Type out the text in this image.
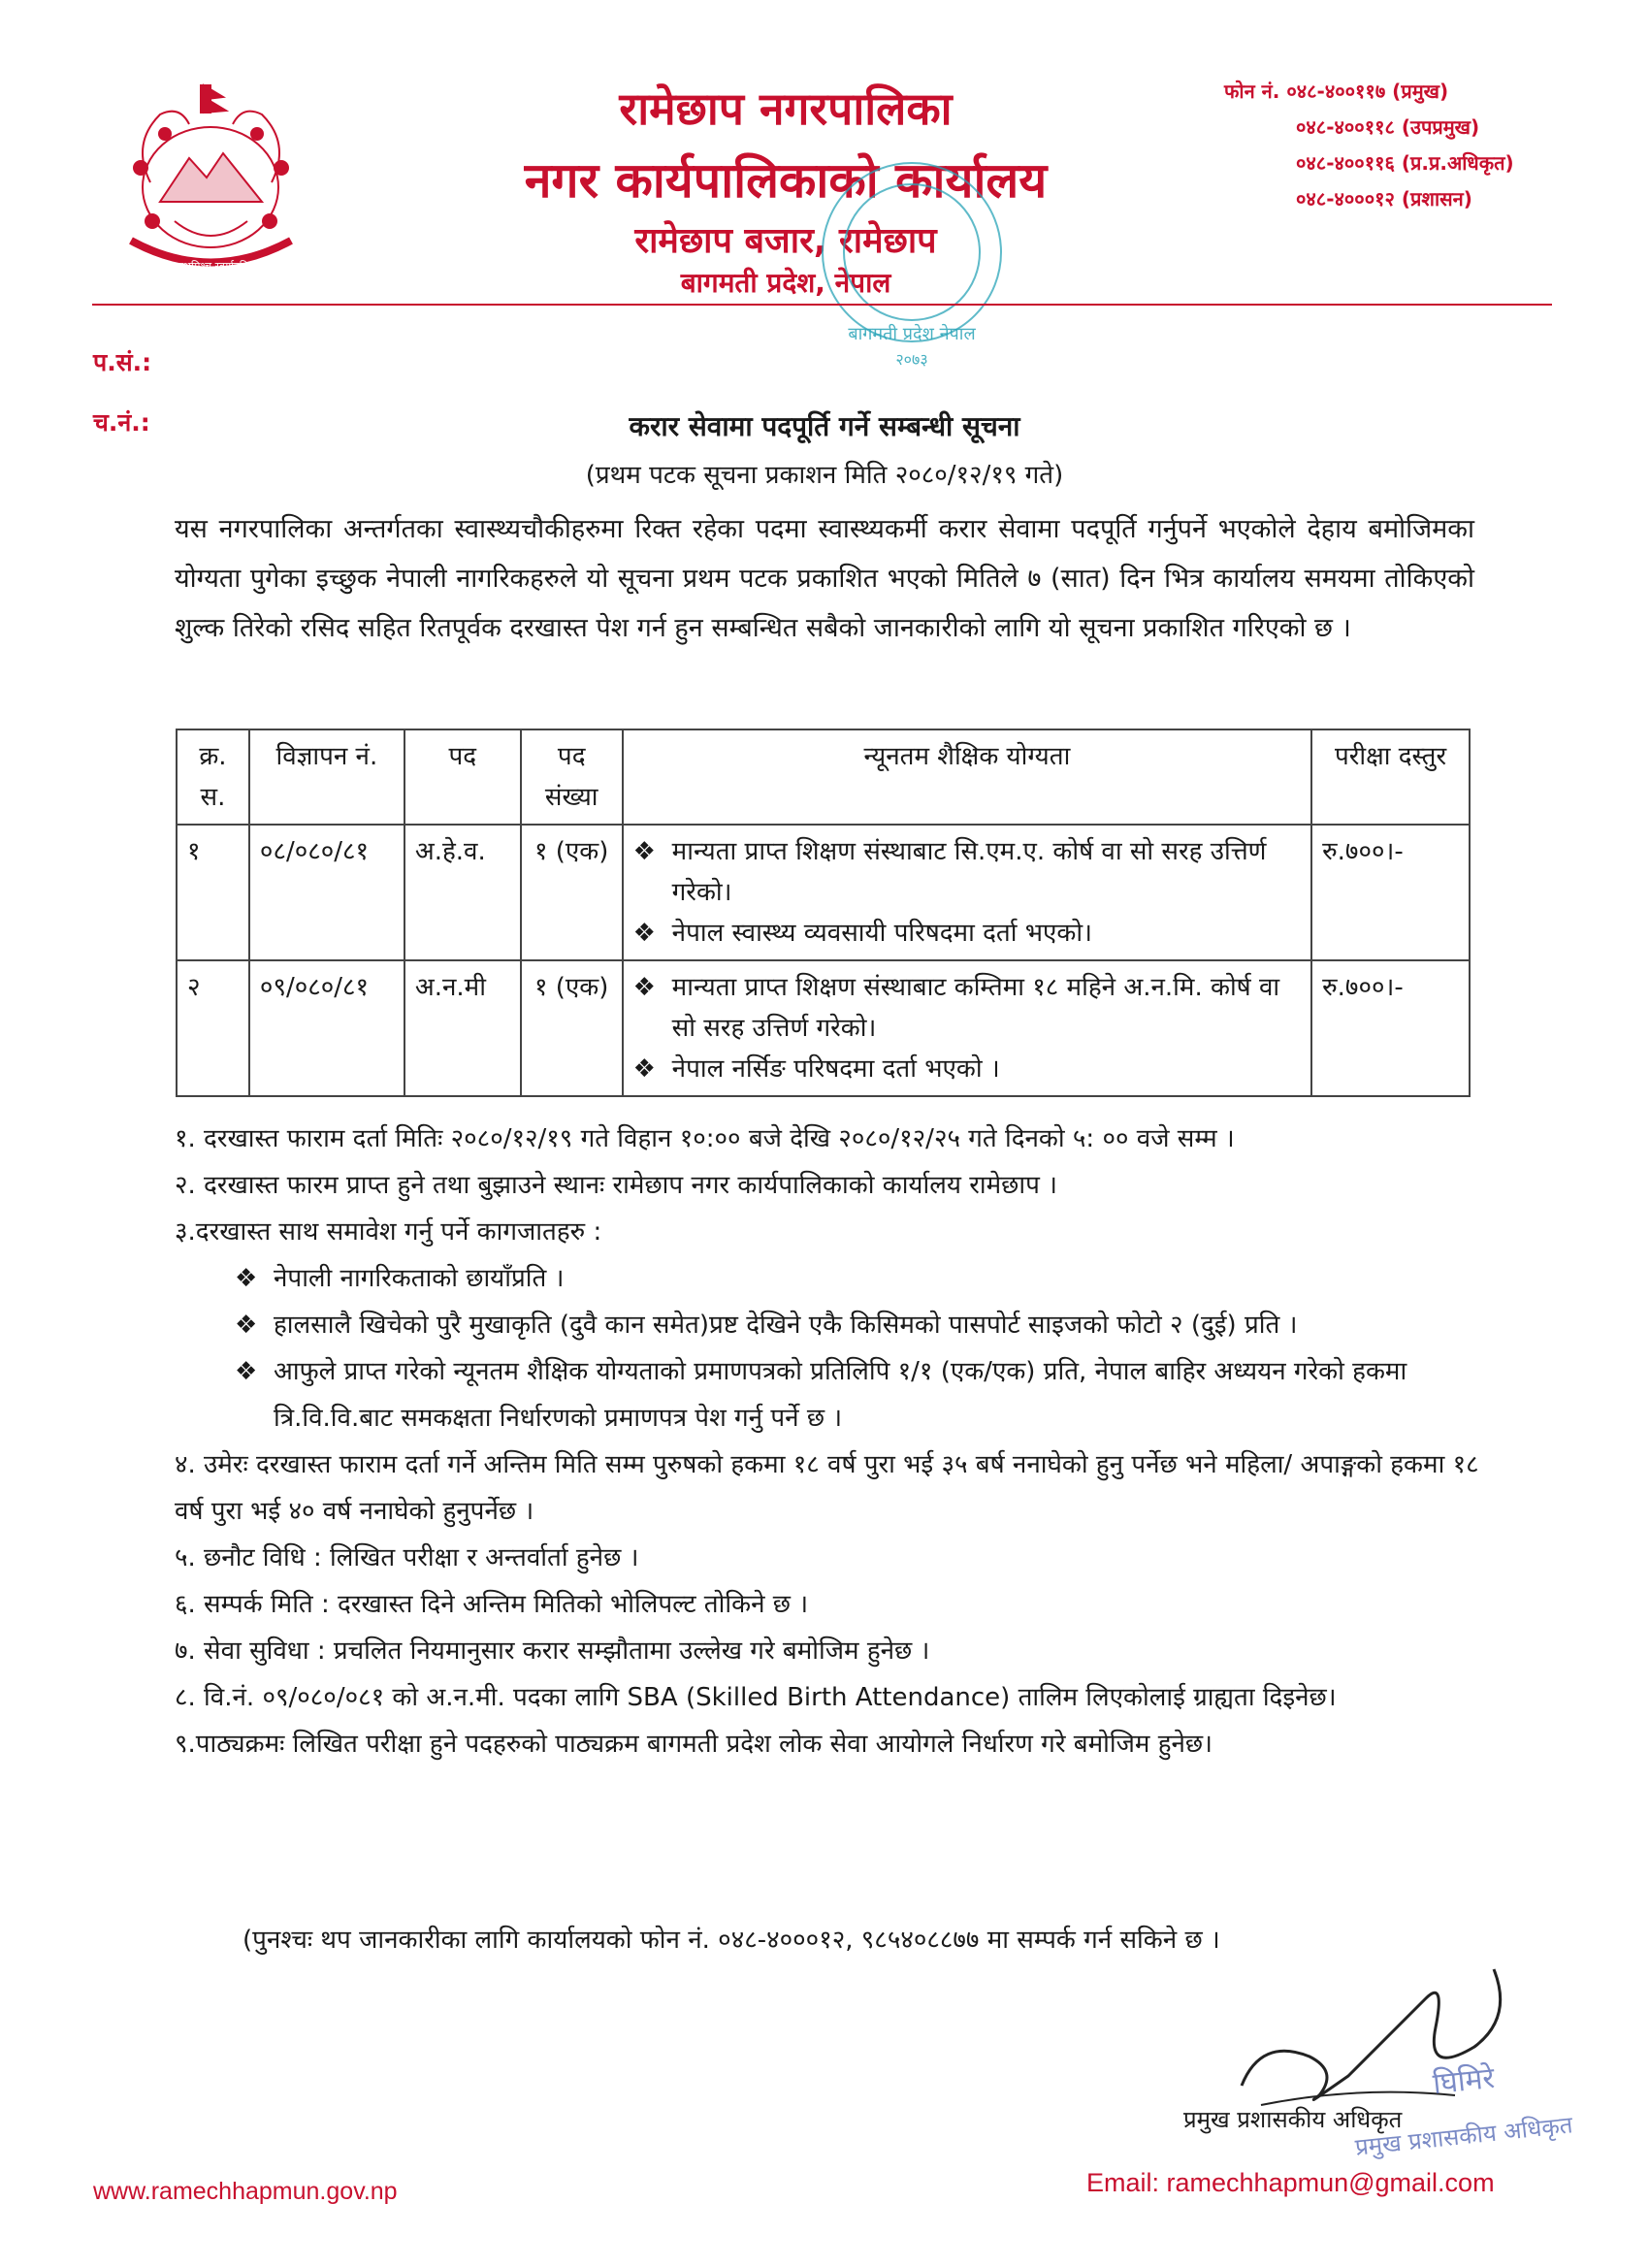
जननी जन्मभूमिश्च स्वर्गादपि गरीयसी
रामेछाप नगरपालिका
नगर कार्यपालिकाको कार्यालय
रामेछाप बजार, रामेछाप
बागमती प्रदेश, नेपाल
फोन नं. ०४८-४००११७ (प्रमुख)
०४८-४००११८ (उपप्रमुख)
०४८-४००११६ (प्र.प्र.अधिकृत)
०४८-४०००१२ (प्रशासन)
बागमती प्रदेश नेपाल
२०७३
प.सं.:
च.नं.:	करार सेवामा पदपूर्ति गर्ने सम्बन्धी सूचना
(प्रथम पटक सूचना प्रकाशन मिति २०८०/१२/१९ गते)
यस नगरपालिका अन्तर्गतका स्वास्थ्यचौकीहरुमा रिक्त रहेका पदमा स्वास्थ्यकर्मी करार सेवामा पदपूर्ति गर्नुपर्ने भएकोले देहाय बमोजिमका योग्यता पुगेका इच्छुक नेपाली नागरिकहरुले यो सूचना प्रथम पटक प्रकाशित भएको मितिले ७ (सात) दिन भित्र कार्यालय समयमा तोकिएको शुल्क तिरेको रसिद सहित रितपूर्वक दरखास्त पेश गर्न हुन सम्बन्धित सबैको जानकारीको लागि यो सूचना प्रकाशित गरिएको छ ।
क्र. स.	विज्ञापन नं.	पद	पद संख्या	न्यूनतम शैक्षिक योग्यता	परीक्षा दस्तुर
१	०८/०८०/८१	अ.हे.व.	१ (एक)	❖ मान्यता प्राप्त शिक्षण संस्थाबाट सि.एम.ए. कोर्ष वा सो सरह उत्तिर्ण गरेको।
❖ नेपाल स्वास्थ्य व्यवसायी परिषदमा दर्ता भएको।	रु.७००।-
२	०९/०८०/८१	अ.न.मी	१ (एक)	❖ मान्यता प्राप्त शिक्षण संस्थाबाट कम्तिमा १८ महिने अ.न.मि. कोर्ष वा सो सरह उत्तिर्ण गरेको।
❖ नेपाल नर्सिङ परिषदमा दर्ता भएको ।	रु.७००।-

१. दरखास्त फाराम दर्ता मितिः २०८०/१२/१९ गते विहान १०:०० बजे देखि २०८०/१२/२५ गते दिनको ५: ०० वजे सम्म ।

२. दरखास्त फारम प्राप्त हुने तथा बुझाउने स्थानः रामेछाप नगर कार्यपालिकाको कार्यालय रामेछाप ।

३.दरखास्त साथ समावेश गर्नु पर्ने कागजातहरु :

❖ नेपाली नागरिकताको छायाँप्रति ।
❖ हालसालै खिचेको पुरै मुखाकृति (दुवै कान समेत)प्रष्ट देखिने एकै किसिमको पासपोर्ट साइजको फोटो २ (दुई) प्रति ।
❖ आफुले प्राप्त गरेको न्यूनतम शैक्षिक योग्यताको प्रमाणपत्रको प्रतिलिपि १/१ (एक/एक) प्रति, नेपाल बाहिर अध्ययन गरेको हकमा त्रि.वि.वि.बाट समकक्षता निर्धारणको प्रमाणपत्र पेश गर्नु पर्ने छ ।

४. उमेरः दरखास्त फाराम दर्ता गर्ने अन्तिम मिति सम्म पुरुषको हकमा १८ वर्ष पुरा भई ३५ बर्ष ननाघेको हुनु पर्नेछ भने महिला/ अपाङ्गको हकमा १८ वर्ष पुरा भई ४० वर्ष ननाघेको हुनुपर्नेछ ।

५. छनौट विधि : लिखित परीक्षा र अन्तर्वार्ता हुनेछ ।

६. सम्पर्क मिति : दरखास्त दिने अन्तिम मितिको भोलिपल्ट तोकिने छ ।

७. सेवा सुविधा : प्रचलित नियमानुसार करार सम्झौतामा उल्लेख गरे बमोजिम हुनेछ ।

८. वि.नं. ०९/०८०/०८१ को अ.न.मी. पदका लागि SBA (Skilled Birth Attendance) तालिम लिएकोलाई ग्राह्यता दिइनेछ।

९.पाठ्यक्रमः लिखित परीक्षा हुने पदहरुको पाठ्यक्रम बागमती प्रदेश लोक सेवा आयोगले निर्धारण गरे बमोजिम हुनेछ।

(पुनश्चः थप जानकारीका लागि कार्यालयको फोन नं. ०४८-४०००१२, ९८५४०८८७७ मा सम्पर्क गर्न सकिने छ ।
घिमिरे
प्रमुख प्रशासकीय अधिकृत
प्रमुख प्रशासकीय अधिकृत
www.ramechhapmun.gov.np	Email: ramechhapmun@gmail.com
